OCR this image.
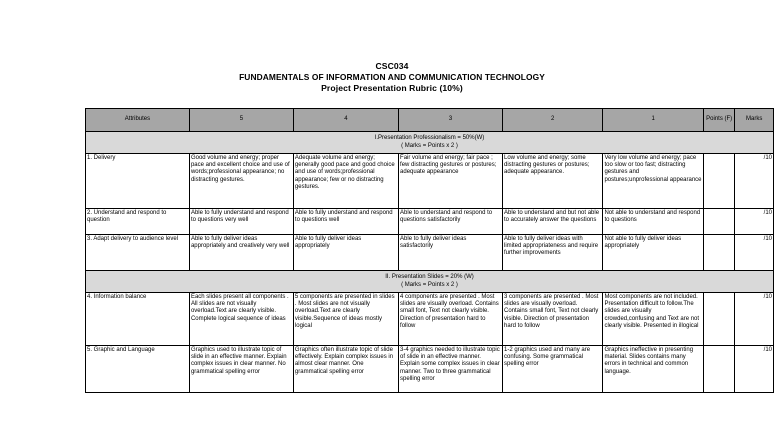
CSC034
FUNDAMENTALS OF INFORMATION AND COMMUNICATION TECHNOLOGY
Project Presentation Rubric (10%)
Attributes	5	4	3	2	1	Points (F)	Marks

I.Presentation Professionalism = 50%(W)
( Marks = Points x 2 )							

1. Delivery	Good volume and energy; proper pace and excellent choice and use of words;professional appearance; no distracting gestures.	Adequate volume and energy; generally good pace and good choice and use of words;professional appearance; few or no distracting gestures.	Fair volume and energy; fair pace ; few distracting gestures or postures; adequate appearance	Low volume and energy; some distracting gestures or postures; adequate appearance.	Very low volume and energy; pace too slow or too fast; distracting gestures and postures;unprofessional appearance		/10
2. Understand and respond to question	Able to fully understand and respond to questions very well	Able to fully understand and respond to questions well	Able to understand and respond to questions satisfactorily	Able to understand and but not able to accurately answer the questions	Not able to understand and respond to questions		/10
3. Adapt delivery to audience level	Able to fully deliver ideas appropriately and creatively very well	Able to fully deliver ideas appropriately	Able to fully deliver ideas satisfactorily	Able to fully deliver ideas with limited appropriateness and require further improvements	Not able to fully deliver ideas appropriately		/10

II. Presentation Slides = 20% (W)
( Marks = Points x 2 )							

4. Information balance	Each slides present all components . All slides are not visually overload.Text are clearly visible. Complete logical sequence of ideas	5 components are presented in slides . Most slides are not visually overload.Text are clearly visible.Sequence of ideas mostly logical	4 components are presented . Most slides are visually overload. Contains small font, Text not clearly visible. Direction of presentation hard to follow	3 components are presented . Most slides are visually overload. Contains small font, Text not clearly visible. Direction of presentation hard to follow	Most components are not included. Presentation difficult to follow.The slides are visually crowded,confusing and Text are not clearly visible. Presented in illogical		/10
5. Graphic and Language	Graphics used to illustrate topic of slide in an effective manner. Explain complex issues in clear manner. No grammatical spelling error	Graphics often illustrate topic of slide effectively. Explain complex issues in almost clear manner. One grammatical spelling error	3-4 graphics needed to illustrate topic of slide in an effective manner. Explain some complex issues in clear manner. Two to three grammatical spelling error	1-2 graphics used and many are confusing. Some grammatical spelling error	Graphics ineffective in presenting material. Slides contains many errors in technical and common language.		/10
